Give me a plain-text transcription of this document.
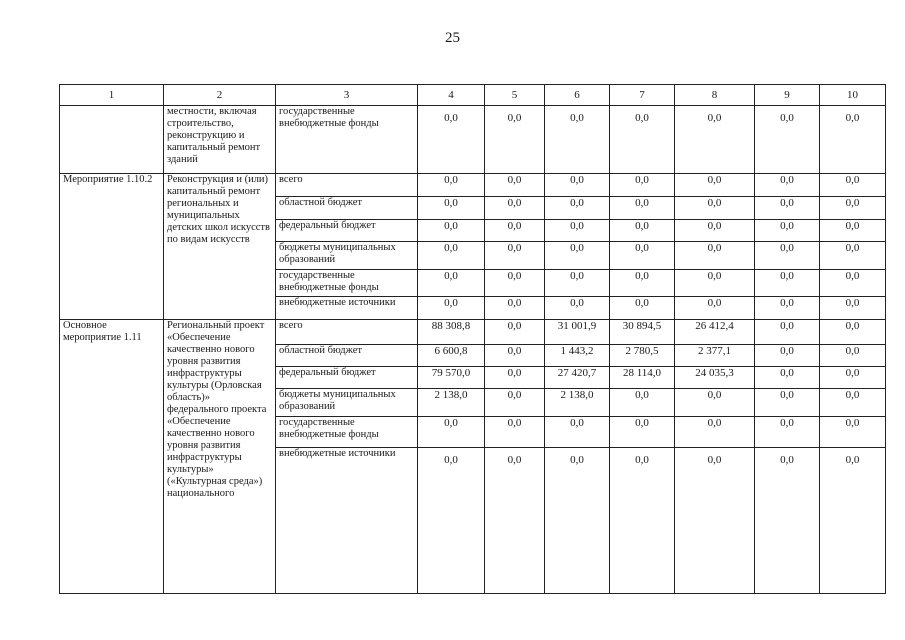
25
1	2	3	4	5	6	7	8	9	10
	местности, включая строительство, реконструкцию и капитальный ремонт зданий	государственные внебюджетные фонды	0,0	0,0	0,0	0,0	0,0	0,0	0,0
Мероприятие 1.10.2	Реконструкция и (или) капитальный ремонт региональных и муниципальных детских школ искусств по видам искусств	всего	0,0	0,0	0,0	0,0	0,0	0,0	0,0
		областной бюджет	0,0	0,0	0,0	0,0	0,0	0,0	0,0
		федеральный бюджет	0,0	0,0	0,0	0,0	0,0	0,0	0,0
		бюджеты муниципальных образований	0,0	0,0	0,0	0,0	0,0	0,0	0,0
		государственные внебюджетные фонды	0,0	0,0	0,0	0,0	0,0	0,0	0,0
		внебюджетные источники	0,0	0,0	0,0	0,0	0,0	0,0	0,0
Основное мероприятие 1.11	Региональный проект «Обеспечение качественно нового уровня развития инфраструктуры культуры (Орловская область)» федерального проекта «Обеспечение качественно нового уровня развития инфраструктуры культуры» («Культурная среда») национального	всего	88 308,8	0,0	31 001,9	30 894,5	26 412,4	0,0	0,0
		областной бюджет	6 600,8	0,0	1 443,2	2 780,5	2 377,1	0,0	0,0
		федеральный бюджет	79 570,0	0,0	27 420,7	28 114,0	24 035,3	0,0	0,0
		бюджеты муниципальных образований	2 138,0	0,0	2 138,0	0,0	0,0	0,0	0,0
		государственные внебюджетные фонды	0,0	0,0	0,0	0,0	0,0	0,0	0,0
		внебюджетные источники	0,0	0,0	0,0	0,0	0,0	0,0	0,0
